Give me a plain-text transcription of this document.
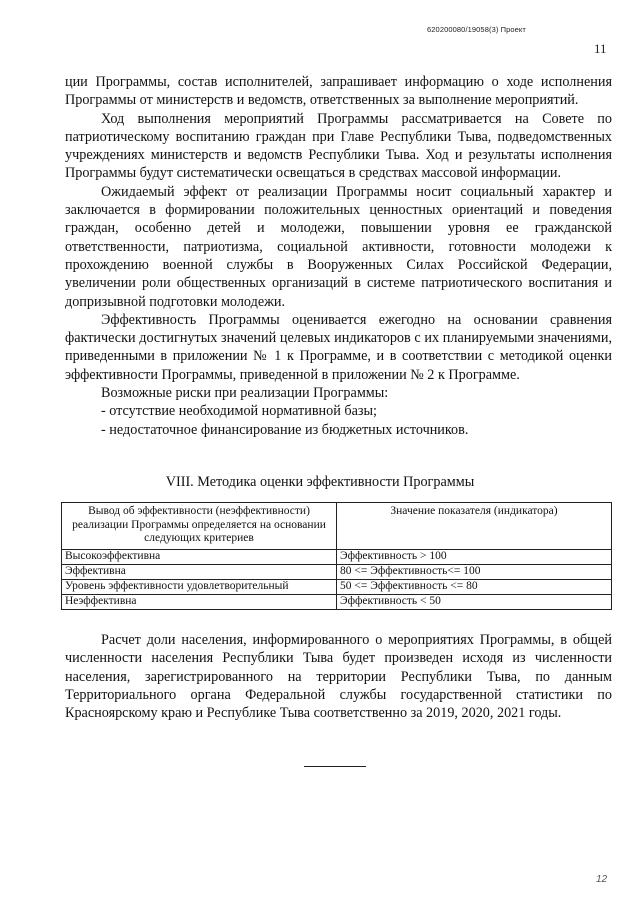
620200080/19058(3) Проект
11

ции Программы, состав исполнителей, запрашивает информацию о ходе исполнения Программы от министерств и ведомств, ответственных за выполнение мероприятий.

Ход выполнения мероприятий Программы рассматривается на Совете по патриотическому воспитанию граждан при Главе Республики Тыва, подведомственных учреждениях министерств и ведомств Республики Тыва. Ход и результаты исполнения Программы будут систематически освещаться в средствах массовой информации.

Ожидаемый эффект от реализации Программы носит социальный характер и заключается в формировании положительных ценностных ориентаций и поведения граждан, особенно детей и молодежи, повышении уровня ее гражданской ответственности, патриотизма, социальной активности, готовности молодежи к прохождению военной службы в Вооруженных Силах Российской Федерации, увеличении роли общественных организаций в системе патриотического воспитания и допризывной подготовки молодежи.

Эффективность Программы оценивается ежегодно на основании сравнения фактически достигнутых значений целевых индикаторов с их планируемыми значениями, приведенными в приложении № 1 к Программе, и в соответствии с методикой оценки эффективности Программы, приведенной в приложении № 2 к Программе.

Возможные риски при реализации Программы:

- отсутствие необходимой нормативной базы;

- недостаточное финансирование из бюджетных источников.

VIII. Методика оценки эффективности Программы
Вывод об эффективности (неэффективности) реализации Программы определяется на основании следующих критериев	Значение показателя (индикатора)
Высокоэффективна	Эффективность > 100
Эффективна	80 <= Эффективность<= 100
Уровень эффективности удовлетворительный	50 <= Эффективность <= 80
Неэффективна	Эффективность < 50

Расчет доли населения, информированного о мероприятиях Программы, в общей численности населения Республики Тыва будет произведен исходя из численности населения, зарегистрированного на территории Республики Тыва, по данным Территориального органа Федеральной службы государственной статистики по Красноярскому краю и Республике Тыва соответственно за 2019, 2020, 2021 годы.

12
